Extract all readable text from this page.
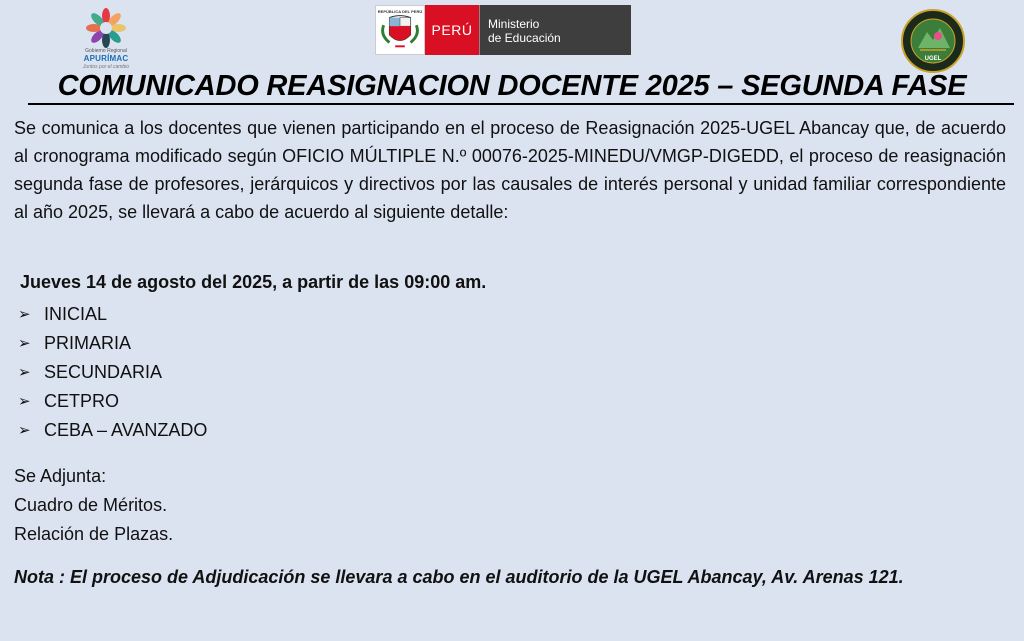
Gobierno Regional
APURÍMAC
Juntos por el cambio
REPÚBLICA DEL PERÚ
PERÚ	Ministerio
de Educación
UGEL
COMUNICADO REASIGNACION DOCENTE 2025 – SEGUNDA FASE
Se comunica a los docentes que vienen participando en el proceso de Reasignación 2025-UGEL Abancay que, de acuerdo al cronograma modificado según OFICIO MÚLTIPLE N.º 00076-2025-MINEDU/VMGP-DIGEDD, el proceso de reasignación segunda fase de profesores, jerárquicos y directivos por las causales de interés personal y unidad familiar correspondiente al año 2025, se llevará a cabo de acuerdo al siguiente detalle:
Jueves 14 de agosto del 2025, a partir de las 09:00 am.
➢ INICIAL
➢ PRIMARIA
➢ SECUNDARIA
➢ CETPRO
➢ CEBA – AVANZADO
Se Adjunta:
Cuadro de Méritos.
Relación de Plazas.
Nota : El proceso de Adjudicación se llevara a cabo en el auditorio de la UGEL Abancay, Av. Arenas 121.
